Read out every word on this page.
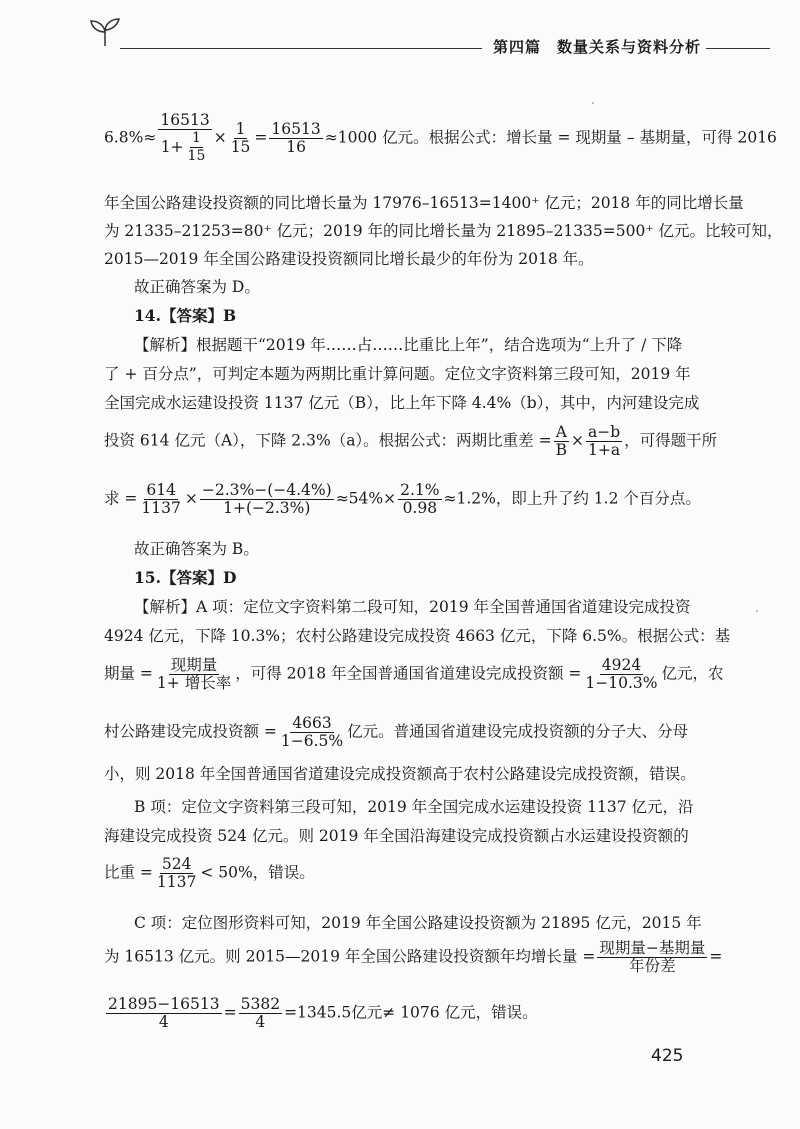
第四篇　数量关系与资料分析
$6.8\%\approx \frac{16513}{1+ \frac{1}{15}} \times \frac{1}{15} = \frac{16513}{16} \approx 1000$ 亿元。根据公式：增长量 = 现期量 – 基期量，可得 2016
年全国公路建设投资额的同比增长量为 17976–16513=1400⁺ 亿元；2018 年的同比增长量
为 21335–21253=80⁺ 亿元；2019 年的同比增长量为 21895–21335=500⁺ 亿元。比较可知，
2015—2019 年全国公路建设投资额同比增长最少的年份为 2018 年。
故正确答案为 D。
14.【答案】B
【解析】根据题干“2019 年……占……比重比上年”，结合选项为“上升了 / 下降
了 + 百分点”，可判定本题为两期比重计算问题。定位文字资料第三段可知，2019 年
全国完成水运建设投资 1137 亿元（B），比上年下降 4.4%（b），其中，内河建设完成
投资 614 亿元（A），下降 2.3%（a）。根据公式：两期比重差 = $\frac{A}{B} \times \frac{a-b}{1+a}$ ，可得题干所
求 = $\frac{614}{1137} \times \frac{-2.3\%-(-4.4\%)}{1+(-2.3\%)} \approx 54\%\times \frac{2.1\%}{0.98} \approx 1.2\%$，即上升了约 1.2 个百分点。
故正确答案为 B。
15.【答案】D
【解析】A 项：定位文字资料第二段可知，2019 年全国普通国省道建设完成投资
4924 亿元，下降 10.3%；农村公路建设完成投资 4663 亿元，下降 6.5%。根据公式：基
期量 = $\frac{\text{现期量}}{\text{1+ 增长率}}$ ，可得 2018 年全国普通国省道建设完成投资额 = $\frac{4924}{1-10.3\%}$ 亿元，农
村公路建设完成投资额 = $\frac{4663}{1-6.5\%}$ 亿元。普通国省道建设完成投资额的分子大、分母
小，则 2018 年全国普通国省道建设完成投资额高于农村公路建设完成投资额，错误。
B 项：定位文字资料第三段可知，2019 年全国完成水运建设投资 1137 亿元，沿
海建设完成投资 524 亿元。则 2019 年全国沿海建设完成投资额占水运建设投资额的
比重 = $\frac{524}{1137} < 50\%$，错误。
C 项：定位图形资料可知，2019 年全国公路建设投资额为 21895 亿元，2015 年
为 16513 亿元。则 2015—2019 年全国公路建设投资额年均增长量 = $\frac{\text{现期量−基期量}}{\text{年份差}}$ =
$\frac{21895-16513}{4} = \frac{5382}{4} =1345.5$亿元≠ 1076 亿元，错误。
425
